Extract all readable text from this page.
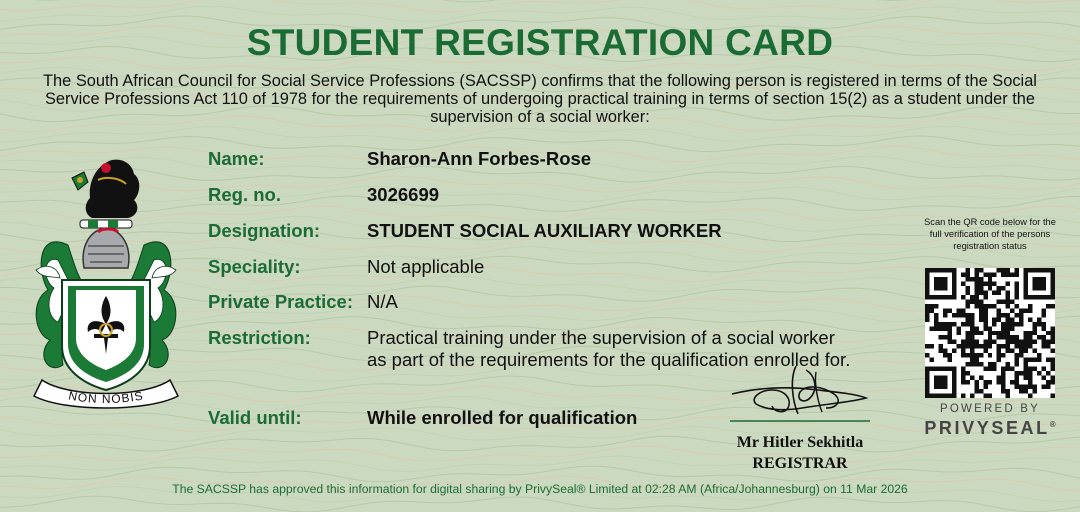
STUDENT REGISTRATION CARD
The South African Council for Social Service Professions (SACSSP) confirms that the following person is registered in terms of the Social Service Professions Act 110 of 1978 for the requirements of undergoing practical training in terms of section 15(2) as a student under the supervision of a social worker:
NON NOBIS
Name:	Sharon-Ann Forbes-Rose
Reg. no.	3026699
Designation:	STUDENT SOCIAL AUXILIARY WORKER
Speciality:	Not applicable
Private Practice: N/A
Restriction:	Practical training under the supervision of a social worker
as part of the requirements for the qualification enrolled for.
Valid until:	While enrolled for qualification
Mr Hitler Sekhitla
REGISTRAR
Scan the QR code below for the full verification of the persons registration status
POWERED BY
PRIVYSEAL®
The SACSSP has approved this information for digital sharing by PrivySeal® Limited at 02:28 AM (Africa/Johannesburg) on 11 Mar 2026
